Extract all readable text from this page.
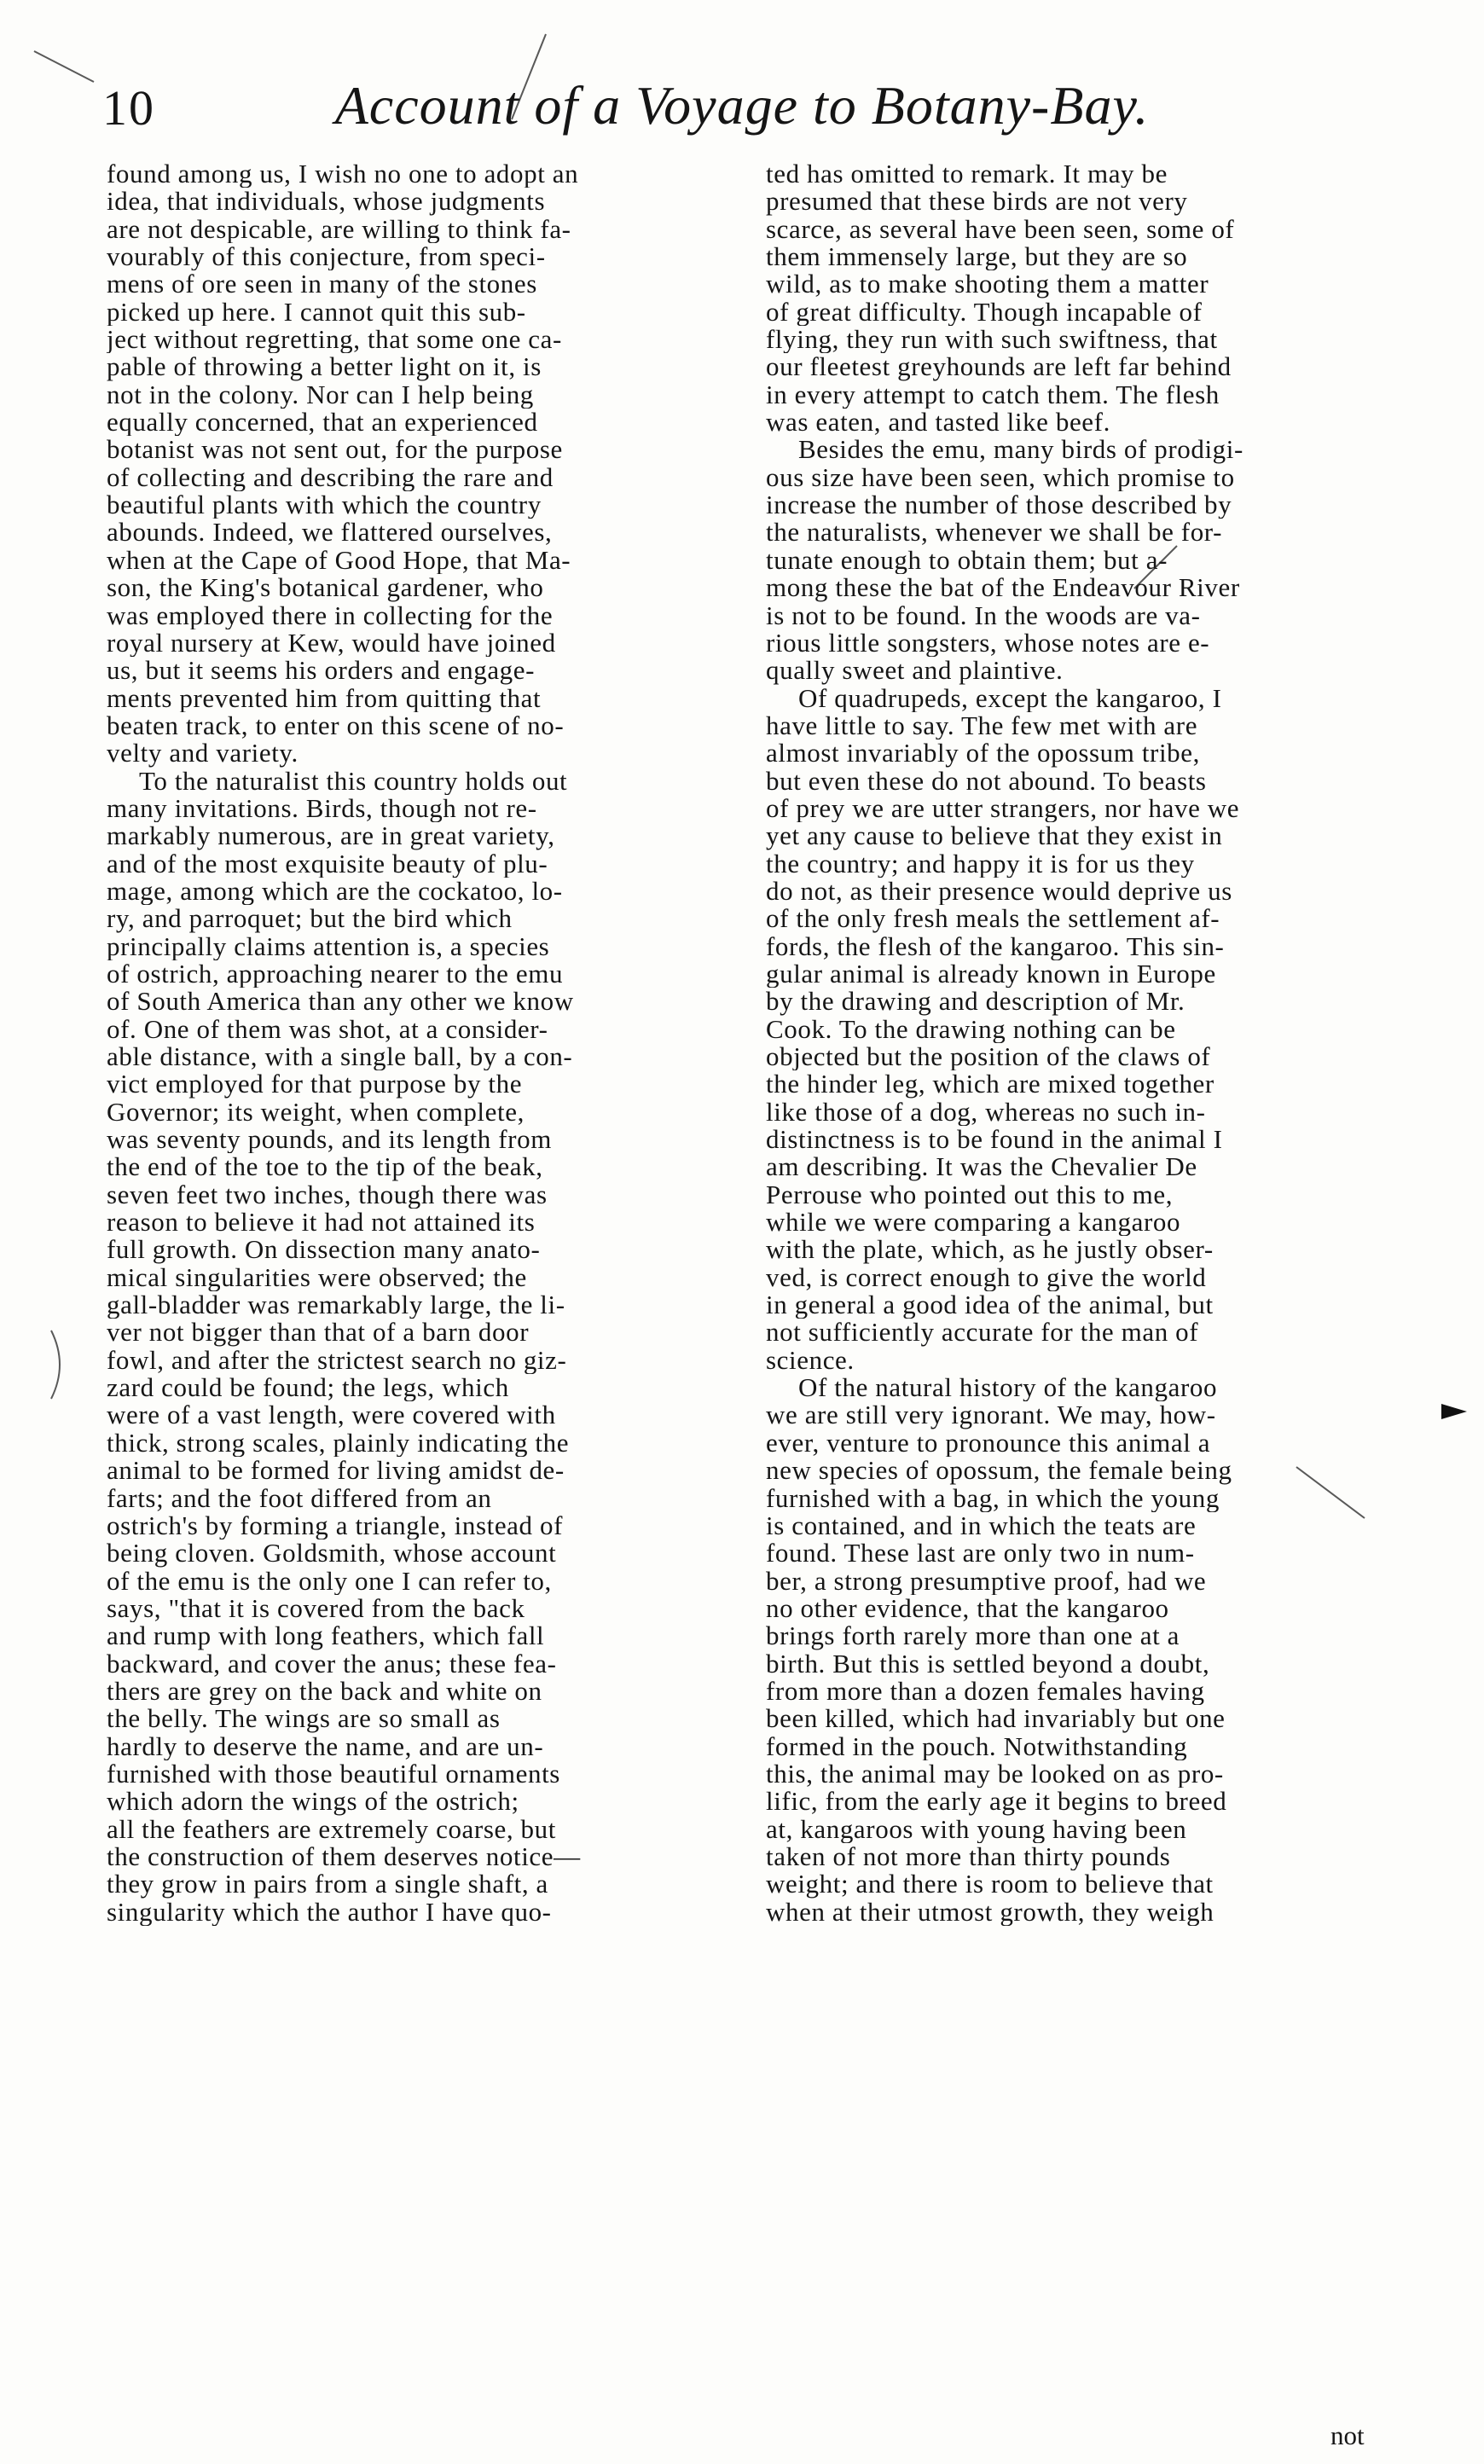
10	Account of a Voyage to Botany-Bay.
found among us, I wish no one to adopt an
idea, that individuals, whose judgments
are not despicable, are willing to think fa-
vourably of this conjecture, from speci-
mens of ore seen in many of the stones
picked up here. I cannot quit this sub-
ject without regretting, that some one ca-
pable of throwing a better light on it, is
not in the colony. Nor can I help being
equally concerned, that an experienced
botanist was not sent out, for the purpose
of collecting and describing the rare and
beautiful plants with which the country
abounds. Indeed, we flattered ourselves,
when at the Cape of Good Hope, that Ma-
son, the King's botanical gardener, who
was employed there in collecting for the
royal nursery at Kew, would have joined
us, but it seems his orders and engage-
ments prevented him from quitting that
beaten track, to enter on this scene of no-
velty and variety.
To the naturalist this country holds out
many invitations. Birds, though not re-
markably numerous, are in great variety,
and of the most exquisite beauty of plu-
mage, among which are the cockatoo, lo-
ry, and parroquet; but the bird which
principally claims attention is, a species
of ostrich, approaching nearer to the emu
of South America than any other we know
of. One of them was shot, at a consider-
able distance, with a single ball, by a con-
vict employed for that purpose by the
Governor; its weight, when complete,
was seventy pounds, and its length from
the end of the toe to the tip of the beak,
seven feet two inches, though there was
reason to believe it had not attained its
full growth. On dissection many anato-
mical singularities were observed; the
gall-bladder was remarkably large, the li-
ver not bigger than that of a barn door
fowl, and after the strictest search no giz-
zard could be found; the legs, which
were of a vast length, were covered with
thick, strong scales, plainly indicating the
animal to be formed for living amidst de-
farts; and the foot differed from an
ostrich's by forming a triangle, instead of
being cloven. Goldsmith, whose account
of the emu is the only one I can refer to,
says, "that it is covered from the back
and rump with long feathers, which fall
backward, and cover the anus; these fea-
thers are grey on the back and white on
the belly. The wings are so small as
hardly to deserve the name, and are un-
furnished with those beautiful ornaments
which adorn the wings of the ostrich;
all the feathers are extremely coarse, but
the construction of them deserves notice—
they grow in pairs from a single shaft, a
singularity which the author I have quo-
ted has omitted to remark. It may be
presumed that these birds are not very
scarce, as several have been seen, some of
them immensely large, but they are so
wild, as to make shooting them a matter
of great difficulty. Though incapable of
flying, they run with such swiftness, that
our fleetest greyhounds are left far behind
in every attempt to catch them. The flesh
was eaten, and tasted like beef.
Besides the emu, many birds of prodigi-
ous size have been seen, which promise to
increase the number of those described by
the naturalists, whenever we shall be for-
tunate enough to obtain them; but a-
mong these the bat of the Endeavour River
is not to be found. In the woods are va-
rious little songsters, whose notes are e-
qually sweet and plaintive.
Of quadrupeds, except the kangaroo, I
have little to say. The few met with are
almost invariably of the opossum tribe,
but even these do not abound. To beasts
of prey we are utter strangers, nor have we
yet any cause to believe that they exist in
the country; and happy it is for us they
do not, as their presence would deprive us
of the only fresh meals the settlement af-
fords, the flesh of the kangaroo. This sin-
gular animal is already known in Europe
by the drawing and description of Mr.
Cook. To the drawing nothing can be
objected but the position of the claws of
the hinder leg, which are mixed together
like those of a dog, whereas no such in-
distinctness is to be found in the animal I
am describing. It was the Chevalier De
Perrouse who pointed out this to me,
while we were comparing a kangaroo
with the plate, which, as he justly obser-
ved, is correct enough to give the world
in general a good idea of the animal, but
not sufficiently accurate for the man of
science.
Of the natural history of the kangaroo
we are still very ignorant. We may, how-
ever, venture to pronounce this animal a
new species of opossum, the female being
furnished with a bag, in which the young
is contained, and in which the teats are
found. These last are only two in num-
ber, a strong presumptive proof, had we
no other evidence, that the kangaroo
brings forth rarely more than one at a
birth. But this is settled beyond a doubt,
from more than a dozen females having
been killed, which had invariably but one
formed in the pouch. Notwithstanding
this, the animal may be looked on as pro-
lific, from the early age it begins to breed
at, kangaroos with young having been
taken of not more than thirty pounds
weight; and there is room to believe that
when at their utmost growth, they weigh
not
